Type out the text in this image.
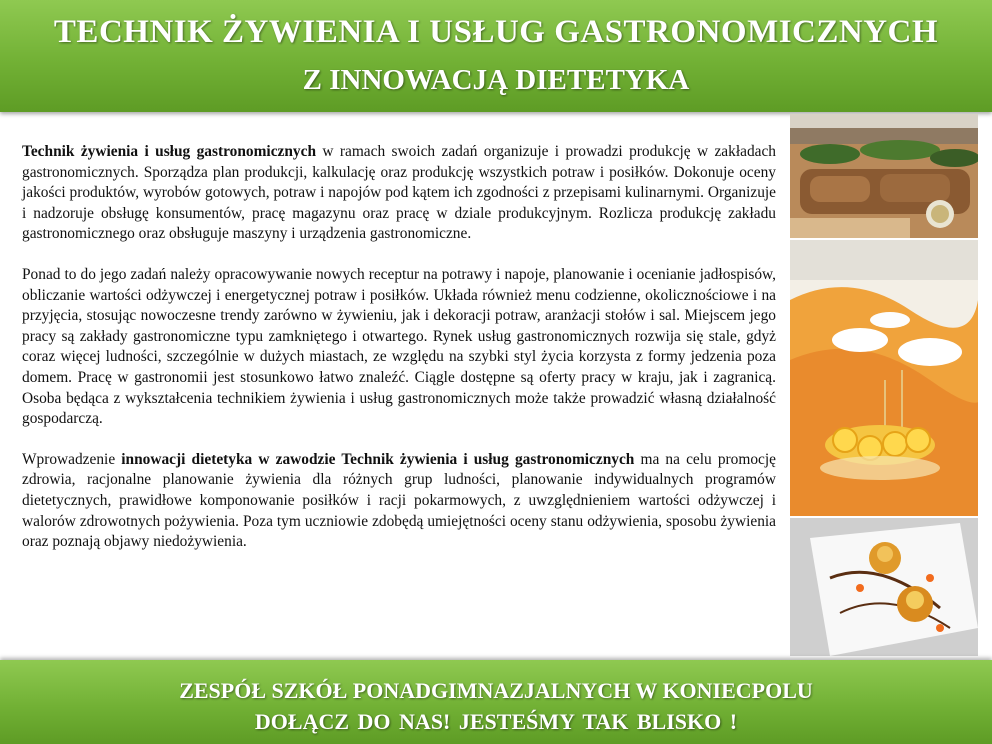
TECHNIK ŻYWIENIA I USŁUG GASTRONOMICZNYCH
Z INNOWACJĄ DIETETYKA

Technik żywienia i usług gastronomicznych w ramach swoich zadań organizuje i prowadzi produkcję w zakładach gastronomicznych. Sporządza plan produkcji, kalkulację oraz produkcję wszystkich potraw i posiłków. Dokonuje oceny jakości produktów, wyrobów gotowych, potraw i napojów pod kątem ich zgodności z przepisami kulinarnymi. Organizuje i nadzoruje obsługę konsumentów, pracę magazynu oraz pracę w dziale produkcyjnym. Rozlicza produkcję zakładu gastronomicznego oraz obsługuje maszyny i urządzenia gastronomiczne.

Ponad to do jego zadań należy opracowywanie nowych receptur na potrawy i napoje, planowanie i ocenianie jadłospisów, obliczanie wartości odżywczej i energetycznej potraw i posiłków. Układa również menu codzienne, okolicznościowe i na przyjęcia, stosując nowoczesne trendy zarówno w żywieniu, jak i dekoracji potraw, aranżacji stołów i sal. Miejscem jego pracy są zakłady gastronomiczne typu zamkniętego i otwartego. Rynek usług gastronomicznych rozwija się stale, gdyż coraz więcej ludności, szczególnie w dużych miastach, ze względu na szybki styl życia korzysta z formy jedzenia poza domem. Pracę w gastronomii jest stosunkowo łatwo znaleźć. Ciągle dostępne są oferty pracy w kraju, jak i zagranicą. Osoba będąca z wykształcenia technikiem żywienia i usług gastronomicznych może także prowadzić własną działalność gospodarczą.

Wprowadzenie innowacji dietetyka w zawodzie Technik żywienia i usług gastronomicznych ma na celu promocję zdrowia, racjonalne planowanie żywienia dla różnych grup ludności, planowanie indywidualnych programów dietetycznych, prawidłowe komponowanie posiłków i racji pokarmowych, z uwzględnieniem wartości odżywczej i walorów zdrowotnych pożywienia. Poza tym uczniowie zdobędą umiejętności oceny stanu odżywienia, sposobu żywienia oraz poznają objawy niedożywienia.

ZESPÓŁ SZKÓŁ PONADGIMNAZJALNYCH W KONIECPOLU
DOŁĄCZ DO NAS! JESTEŚMY TAK BLISKO !
